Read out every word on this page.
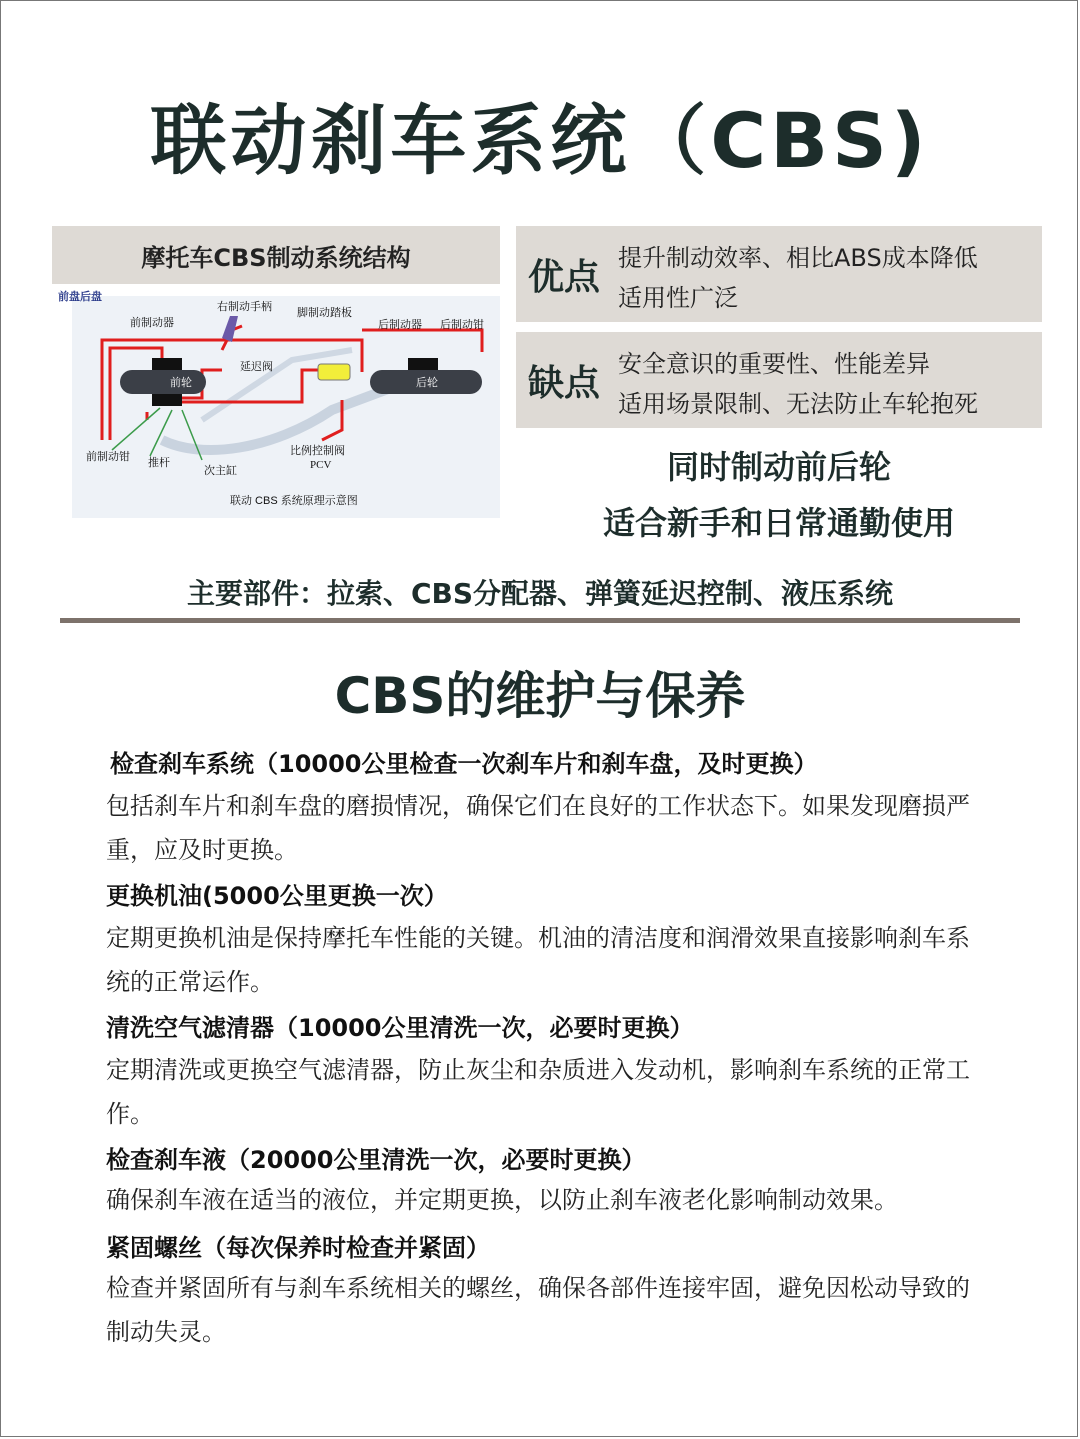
联动刹车系统（CBS)
摩托车CBS制动系统结构
前盘后盘
右制动手柄 脚制动踏板
前制动器	后制动器 后制动钳
延迟阀
前轮	后轮
前制动钳 推杆
次主缸
比例控制阀
PCV
联动 CBS 系统原理示意图
优点 提升制动效率、相比ABS成本降低
适用性广泛
缺点 安全意识的重要性、性能差异
适用场景限制、无法防止车轮抱死
同时制动前后轮
适合新手和日常通勤使用
主要部件：拉索、CBS分配器、弹簧延迟控制、液压系统
CBS的维护与保养
检查刹车系统（10000公里检查一次刹车片和刹车盘，及时更换）
包括刹车片和刹车盘的磨损情况，确保它们在良好的工作状态下。如果发现磨损严重，应及时更换。
更换机油(5000公里更换一次）
定期更换机油是保持摩托车性能的关键。机油的清洁度和润滑效果直接影响刹车系统的正常运作。
清洗空气滤清器（10000公里清洗一次，必要时更换）
定期清洗或更换空气滤清器，防止灰尘和杂质进入发动机，影响刹车系统的正常工作。
检查刹车液（20000公里清洗一次，必要时更换）
确保刹车液在适当的液位，并定期更换，以防止刹车液老化影响制动效果。
紧固螺丝（每次保养时检查并紧固）
检查并紧固所有与刹车系统相关的螺丝，确保各部件连接牢固，避免因松动导致的制动失灵。
